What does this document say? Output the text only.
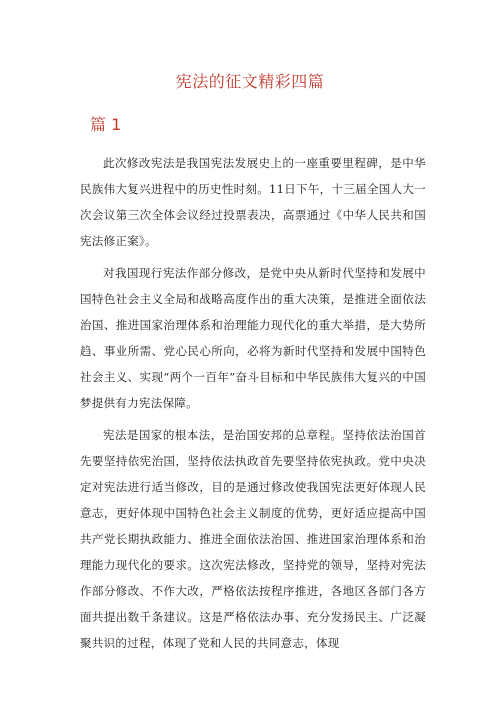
宪法的征文精彩四篇
篇 1

此次修改宪法是我国宪法发展史上的一座重要里程碑，是中华民族伟大复兴进程中的历史性时刻。11日下午，十三届全国人大一次会议第三次全体会议经过投票表决，高票通过《中华人民共和国宪法修正案》。

对我国现行宪法作部分修改，是党中央从新时代坚持和发展中国特色社会主义全局和战略高度作出的重大决策，是推进全面依法治国、推进国家治理体系和治理能力现代化的重大举措，是大势所趋、事业所需、党心民心所向，必将为新时代坚持和发展中国特色社会主义、实现“两个一百年”奋斗目标和中华民族伟大复兴的中国梦提供有力宪法保障。

宪法是国家的根本法，是治国安邦的总章程。坚持依法治国首先要坚持依宪治国，坚持依法执政首先要坚持依宪执政。党中央决定对宪法进行适当修改，目的是通过修改使我国宪法更好体现人民意志，更好体现中国特色社会主义制度的优势，更好适应提高中国共产党长期执政能力、推进全面依法治国、推进国家治理体系和治理能力现代化的要求。这次宪法修改，坚持党的领导，坚持对宪法作部分修改、不作大改，严格依法按程序推进，各地区各部门各方面共提出数千条建议。这是严格依法办事、充分发扬民主、广泛凝聚共识的过程，体现了党和人民的共同意志，体现
